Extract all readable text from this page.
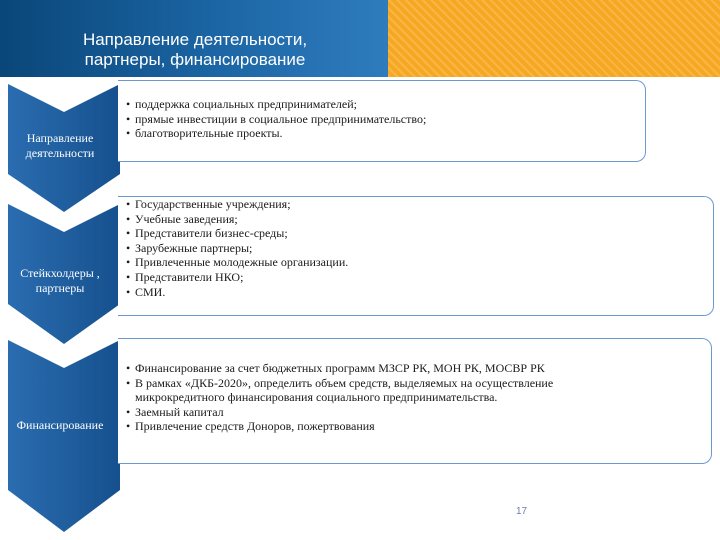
Направление деятельности,
партнеры, финансирование
Направление
деятельности
• поддержка социальных предпринимателей;
• прямые инвестиции в социальное предпринимательство;
• благотворительные проекты.
Стейкхолдеры ,
партнеры
• Государственные учреждения;
• Учебные заведения;
• Представители бизнес-среды;
• Зарубежные партнеры;
• Привлеченные молодежные организации.
• Представители НКО;
• СМИ.
Финансирование
• Финансирование за счет бюджетных программ МЗСР РК, МОН РК, МОСВР РК
• В рамках «ДКБ-2020», определить объем средств, выделяемых на осуществление микрокредитного финансирования социального предпринимательства.
• Заемный капитал
• Привлечение средств Доноров, пожертвования
17
